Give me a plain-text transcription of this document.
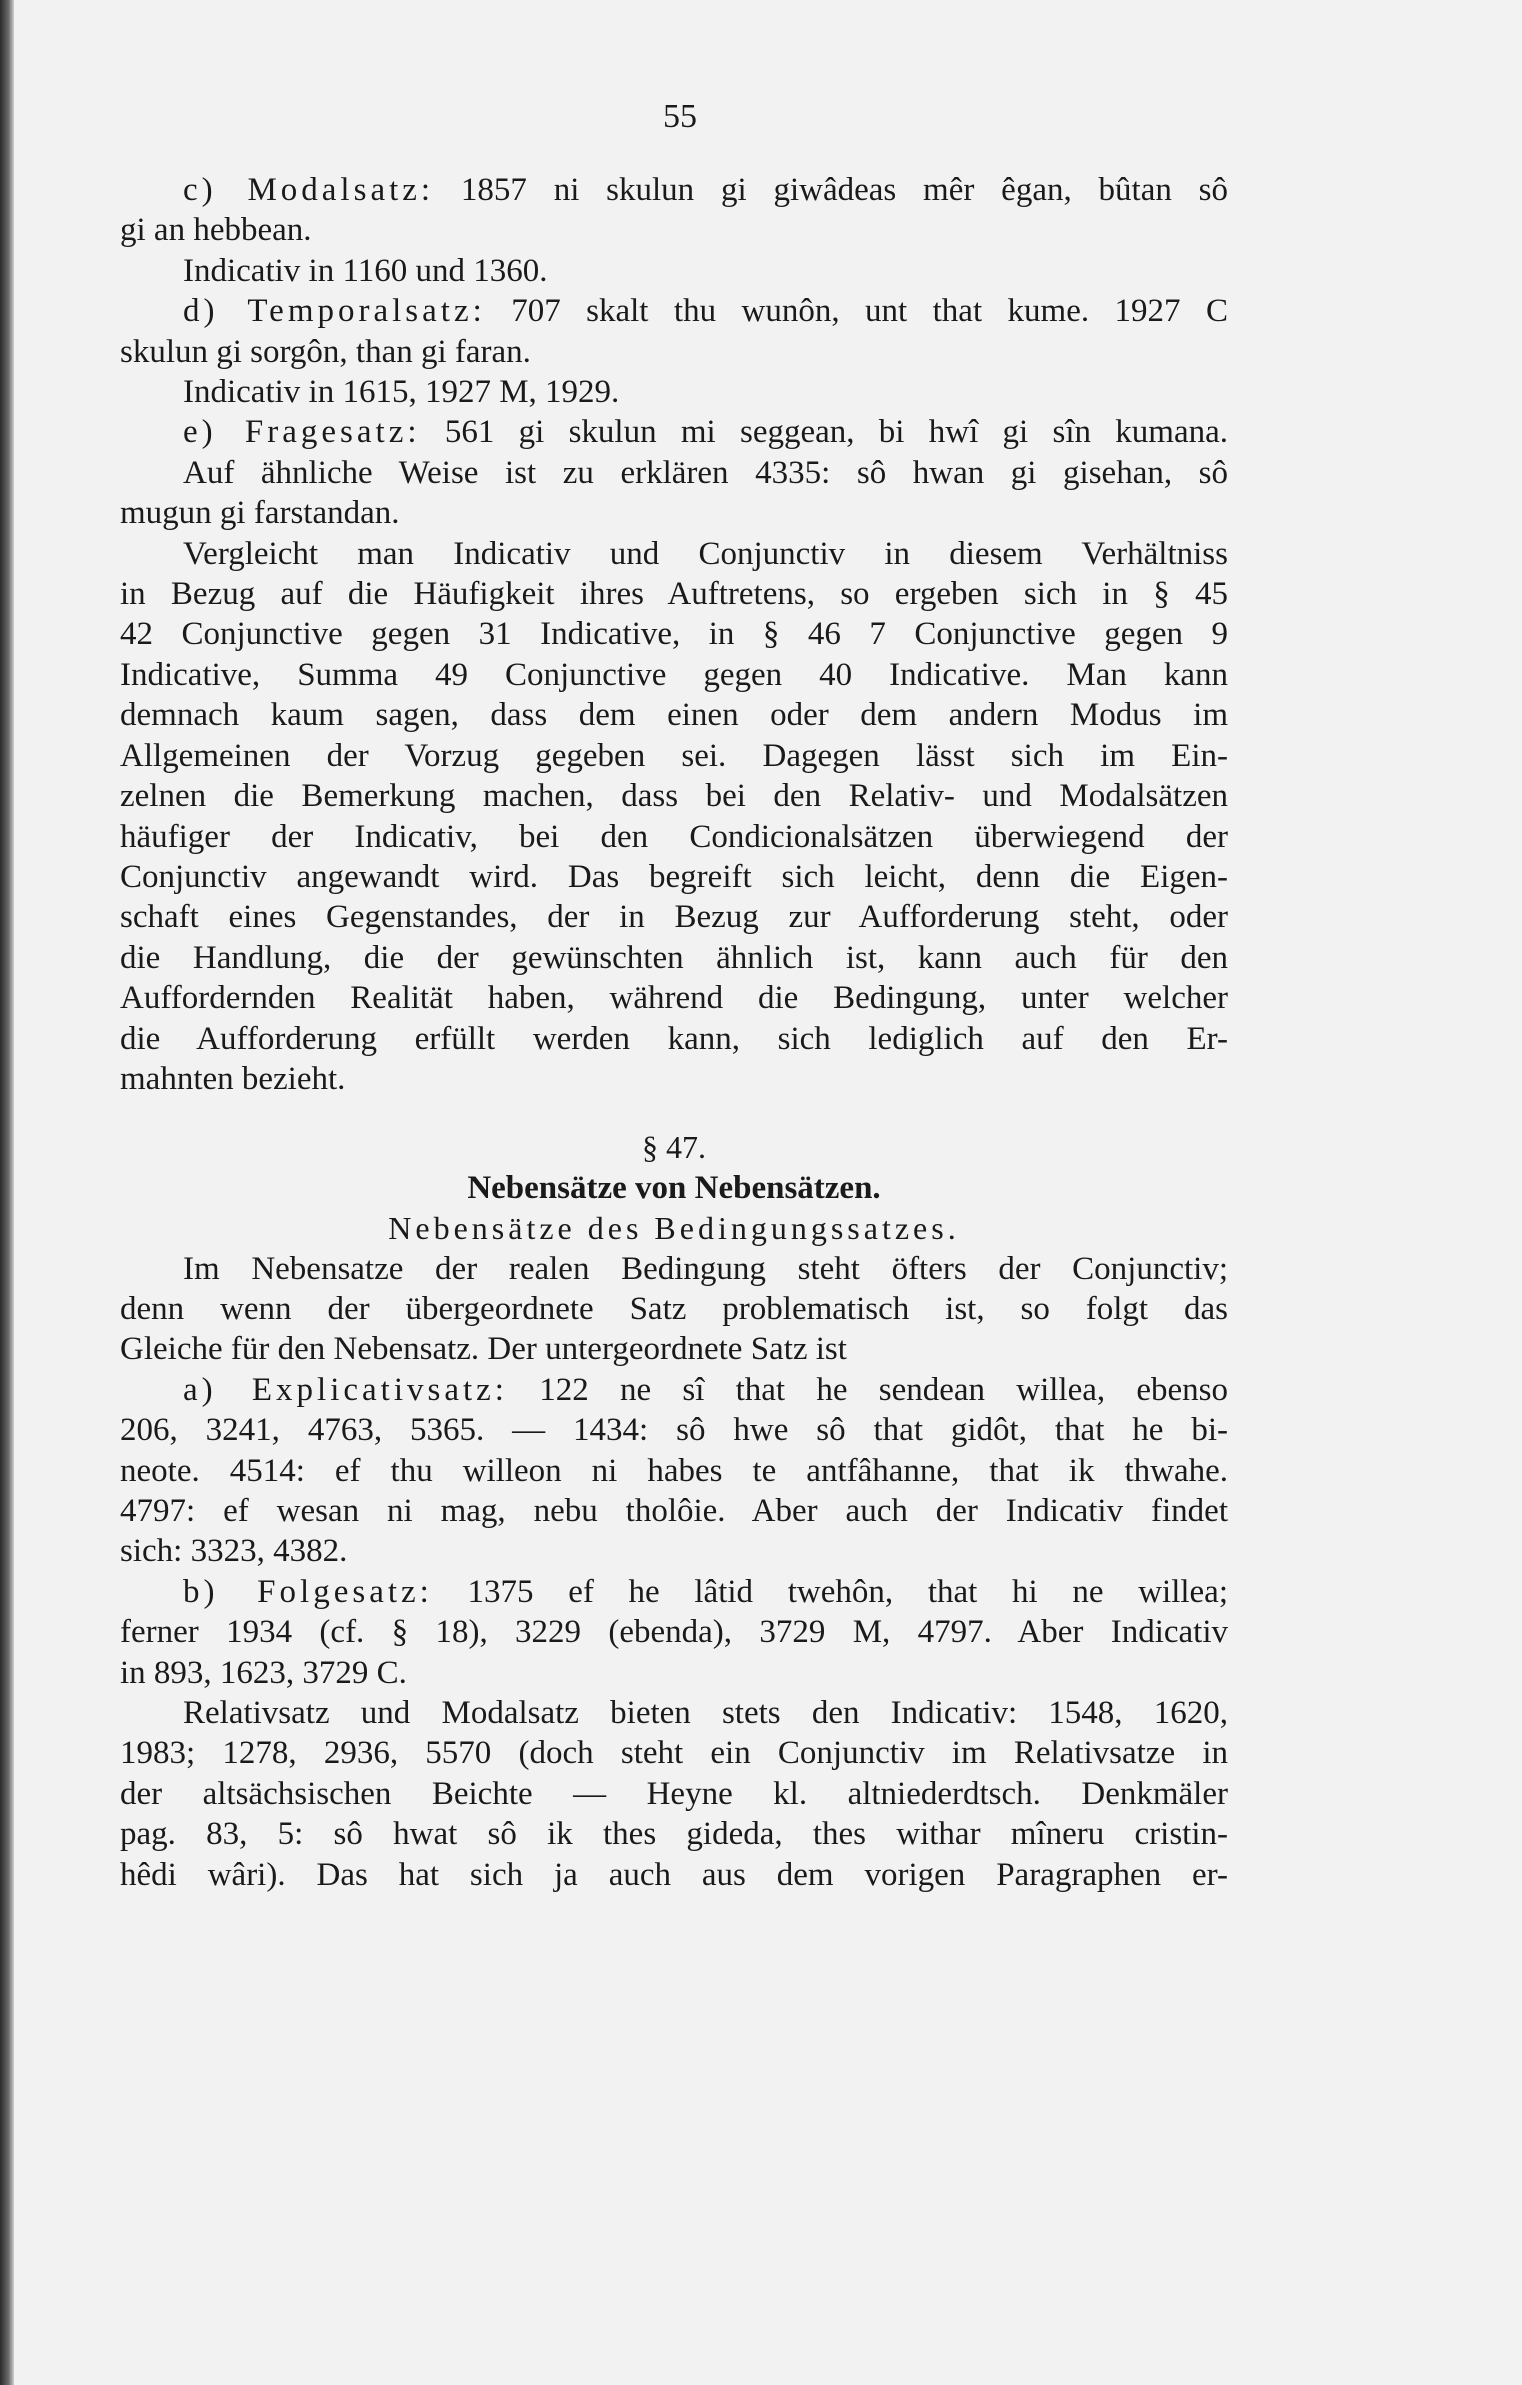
55
c) Modalsatz: 1857 ni skulun gi giwâdeas mêr êgan, bûtan sô
gi an hebbean.
Indicativ in 1160 und 1360.
d) Temporalsatz: 707 skalt thu wunôn, unt that kume. 1927 C
skulun gi sorgôn, than gi faran.
Indicativ in 1615, 1927 M, 1929.
e) Fragesatz: 561 gi skulun mi seggean, bi hwî gi sîn kumana.
Auf ähnliche Weise ist zu erklären 4335: sô hwan gi gisehan, sô
mugun gi farstandan.
Vergleicht man Indicativ und Conjunctiv in diesem Verhältniss
in Bezug auf die Häufigkeit ihres Auftretens, so ergeben sich in § 45
42 Conjunctive gegen 31 Indicative, in § 46 7 Conjunctive gegen 9
Indicative, Summa 49 Conjunctive gegen 40 Indicative. Man kann
demnach kaum sagen, dass dem einen oder dem andern Modus im
Allgemeinen der Vorzug gegeben sei. Dagegen lässt sich im Ein-
zelnen die Bemerkung machen, dass bei den Relativ- und Modalsätzen
häufiger der Indicativ, bei den Condicionalsätzen überwiegend der
Conjunctiv angewandt wird. Das begreift sich leicht, denn die Eigen-
schaft eines Gegenstandes, der in Bezug zur Aufforderung steht, oder
die Handlung, die der gewünschten ähnlich ist, kann auch für den
Auffordernden Realität haben, während die Bedingung, unter welcher
die Aufforderung erfüllt werden kann, sich lediglich auf den Er-
mahnten bezieht.
§ 47.
Nebensätze von Nebensätzen.
Nebensätze des Bedingungssatzes.
Im Nebensatze der realen Bedingung steht öfters der Conjunctiv;
denn wenn der übergeordnete Satz problematisch ist, so folgt das
Gleiche für den Nebensatz. Der untergeordnete Satz ist
a) Explicativsatz: 122 ne sî that he sendean willea, ebenso
206, 3241, 4763, 5365. — 1434: sô hwe sô that gidôt, that he bi-
neote. 4514: ef thu willeon ni habes te antfâhanne, that ik thwahe.
4797: ef wesan ni mag, nebu tholôie. Aber auch der Indicativ findet
sich: 3323, 4382.
b) Folgesatz: 1375 ef he lâtid twehôn, that hi ne willea;
ferner 1934 (cf. § 18), 3229 (ebenda), 3729 M, 4797. Aber Indicativ
in 893, 1623, 3729 C.
Relativsatz und Modalsatz bieten stets den Indicativ: 1548, 1620,
1983; 1278, 2936, 5570 (doch steht ein Conjunctiv im Relativsatze in
der altsächsischen Beichte — Heyne kl. altniederdtsch. Denkmäler
pag. 83, 5: sô hwat sô ik thes gideda, thes withar mîneru cristin-
hêdi wâri). Das hat sich ja auch aus dem vorigen Paragraphen er-
